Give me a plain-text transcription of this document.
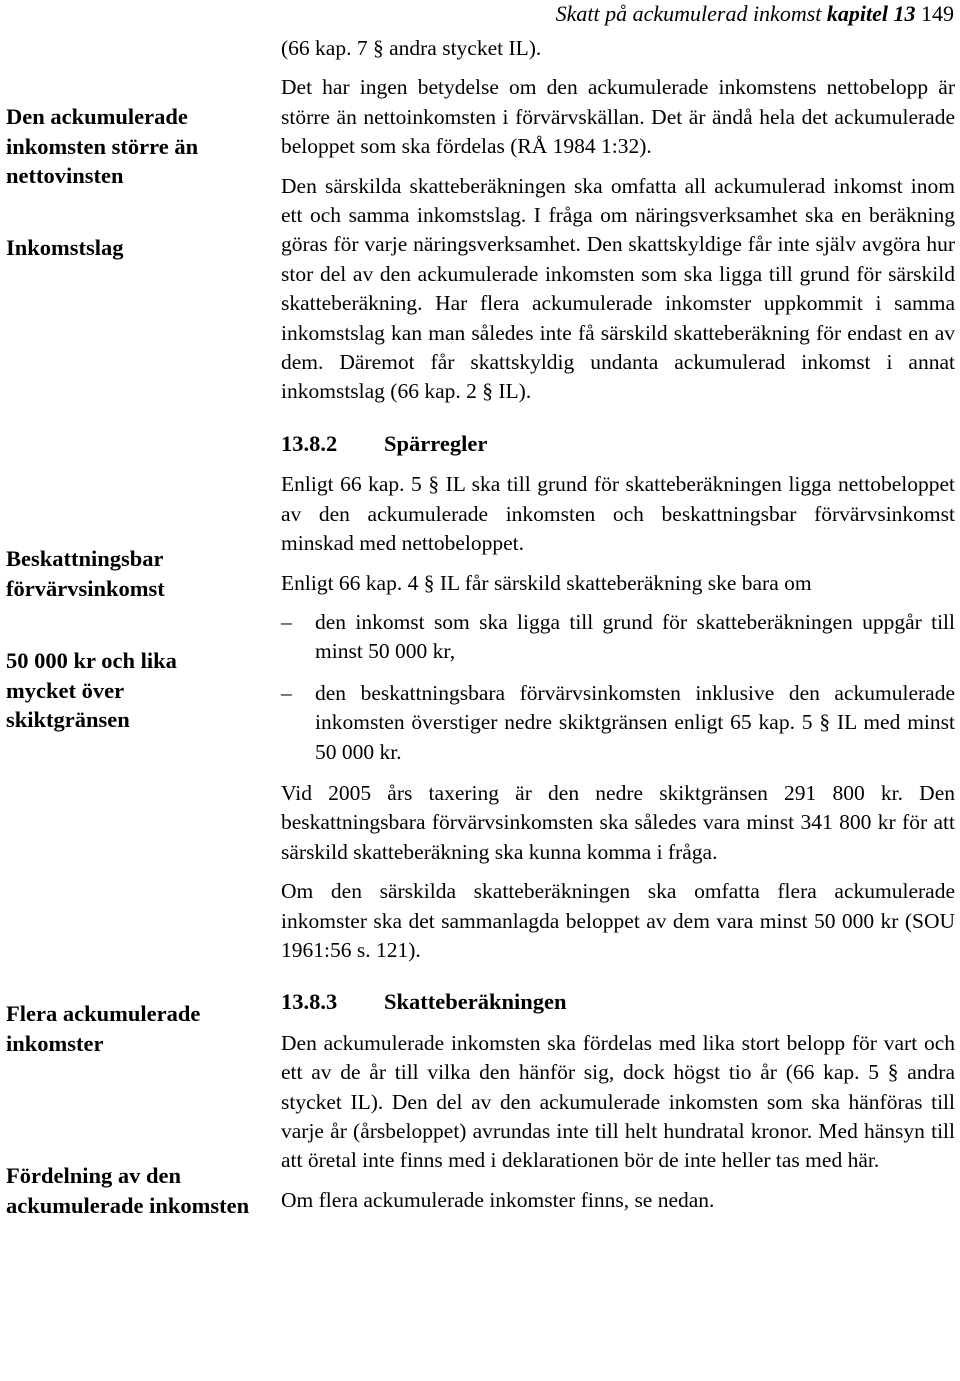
Skatt på ackumulerad inkomst kapitel 13 149
Den ackumulerade inkomsten större än nettovinsten
Inkomstslag
Beskattningsbar förvärvsinkomst
50 000 kr och lika mycket över skiktgränsen
Flera ackumulerade inkomster
Fördelning av den ackumulerade inkomsten

(66 kap. 7 § andra stycket IL).

Det har ingen betydelse om den ackumulerade inkomstens nettobelopp är större än nettoinkomsten i förvärvskällan. Det är ändå hela det ackumulerade beloppet som ska fördelas (RÅ 1984 1:32).

Den särskilda skatteberäkningen ska omfatta all ackumulerad inkomst inom ett och samma inkomstslag. I fråga om näringsverksamhet ska en beräkning göras för varje näringsverksamhet. Den skattskyldige får inte själv avgöra hur stor del av den ackumulerade inkomsten som ska ligga till grund för särskild skatteberäkning. Har flera ackumulerade inkomster uppkommit i samma inkomstslag kan man således inte få särskild skatteberäkning för endast en av dem. Däremot får skattskyldig undanta ackumulerad inkomst i annat inkomstslag (66 kap. 2 § IL).

13.8.2	Spärregler

Enligt 66 kap. 5 § IL ska till grund för skatteberäkningen ligga nettobeloppet av den ackumulerade inkomsten och beskattningsbar förvärvsinkomst minskad med nettobeloppet.

Enligt 66 kap. 4 § IL får särskild skatteberäkning ske bara om

– den inkomst som ska ligga till grund för skatteberäkningen uppgår till minst 50 000 kr,
– den beskattningsbara förvärvsinkomsten inklusive den ackumulerade inkomsten överstiger nedre skiktgränsen enligt 65 kap. 5 § IL med minst 50 000 kr.

Vid 2005 års taxering är den nedre skiktgränsen 291 800 kr. Den beskattningsbara förvärvsinkomsten ska således vara minst 341 800 kr för att särskild skatteberäkning ska kunna komma i fråga.

Om den särskilda skatteberäkningen ska omfatta flera ackumulerade inkomster ska det sammanlagda beloppet av dem vara minst 50 000 kr (SOU 1961:56 s. 121).

13.8.3	Skatteberäkningen

Den ackumulerade inkomsten ska fördelas med lika stort belopp för vart och ett av de år till vilka den hänför sig, dock högst tio år (66 kap. 5 § andra stycket IL). Den del av den ackumulerade inkomsten som ska hänföras till varje år (årsbeloppet) avrundas inte till helt hundratal kronor. Med hänsyn till att öretal inte finns med i deklarationen bör de inte heller tas med här.

Om flera ackumulerade inkomster finns, se nedan.
